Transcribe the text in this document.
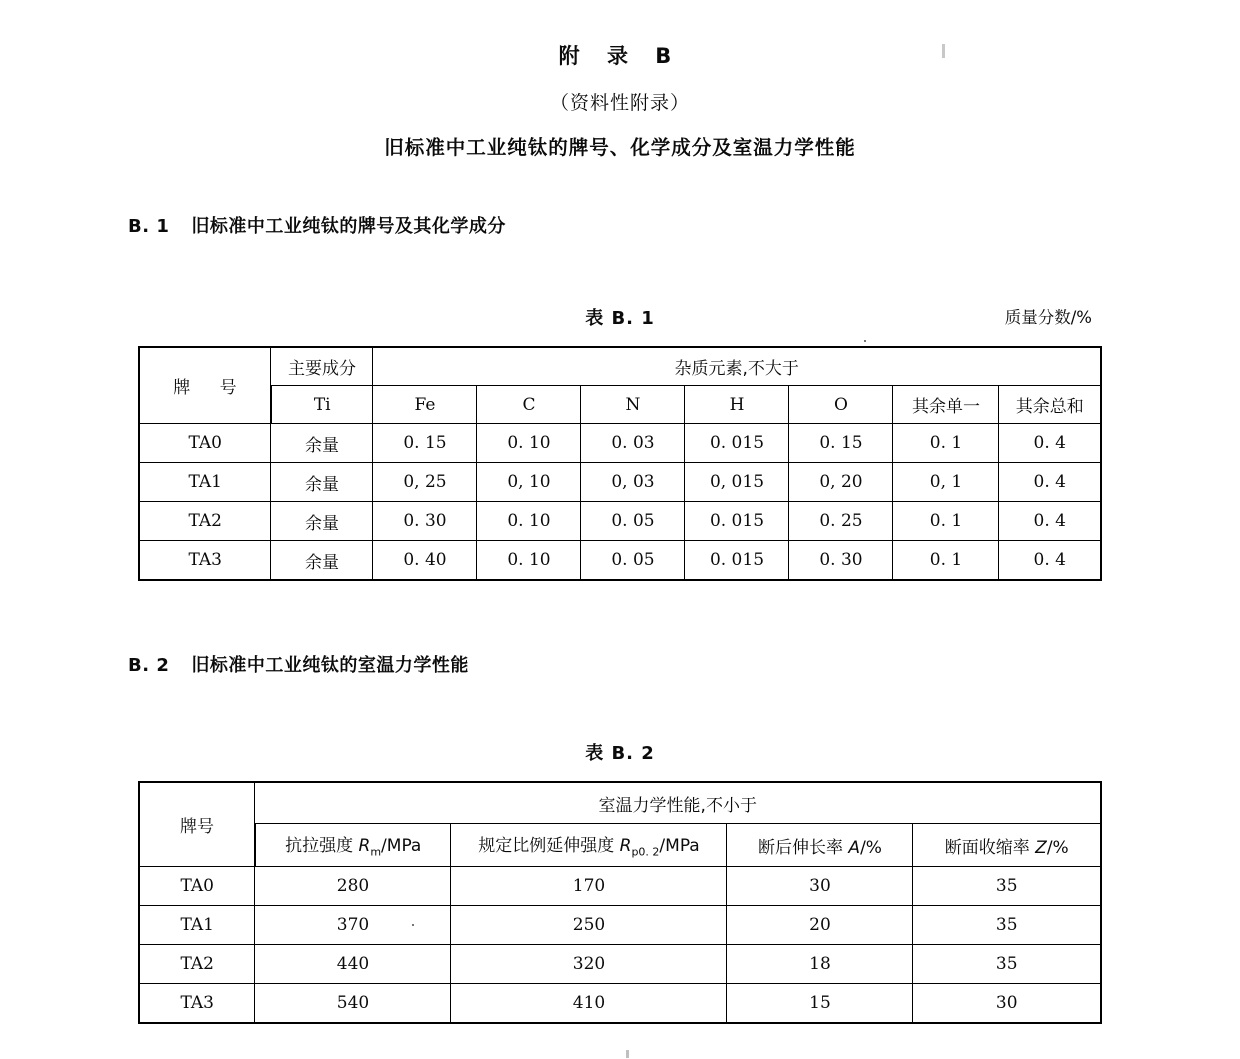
附 录 B
（资料性附录）
旧标准中工业纯钛的牌号、化学成分及室温力学性能
B. 1 旧标准中工业纯钛的牌号及其化学成分
表 B. 1	质量分数/%
牌 号	主要成分	杂质元素,不大于						
	Ti	Fe	C	N	H	O	其余单一	其余总和
TA0	余量	0. 15	0. 10	0. 03	0. 015	0. 15	0. 1	0. 4
TA1	余量	0, 25	0, 10	0, 03	0, 015	0, 20	0, 1	0. 4
TA2	余量	0. 30	0. 10	0. 05	0. 015	0. 25	0. 1	0. 4
TA3	余量	0. 40	0. 10	0. 05	0. 015	0. 30	0. 1	0. 4
B. 2 旧标准中工业纯钛的室温力学性能
表 B. 2
牌号	室温力学性能,不小于			
	抗拉强度 $R_m$/MPa	规定比例延伸强度 $R_{p0. 2}$/MPa	断后伸长率 A/%	断面收缩率 Z/%
TA0	280	170	30	35
TA1	370	250	20	35
TA2	440	320	18	35
TA3	540	410	15	30
